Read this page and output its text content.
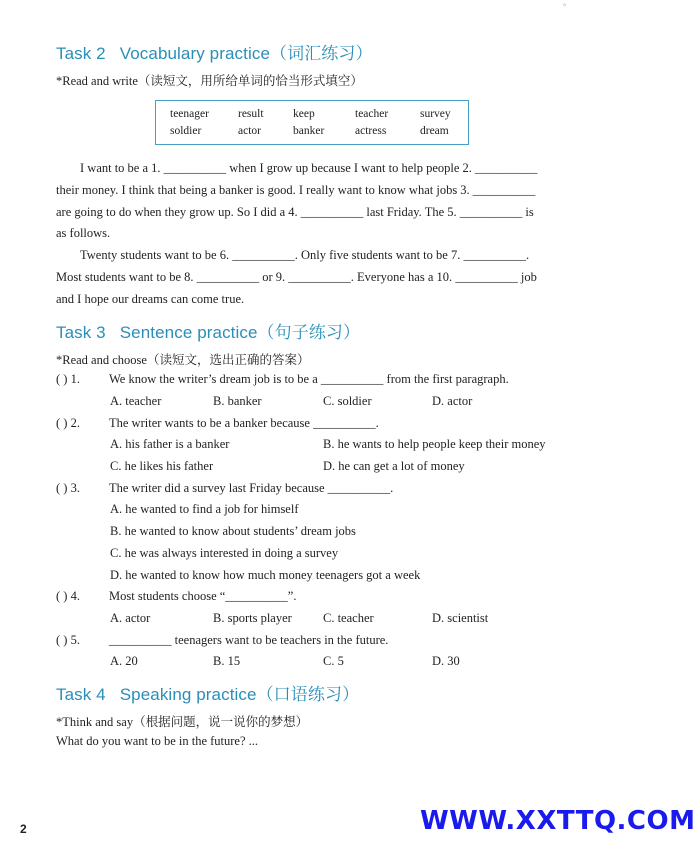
°
Task 2 Vocabulary practice（词汇练习）
*Read and write（读短文，用所给单词的恰当形式填空）
teenager	result	keep	teacher	survey
soldier	actor	banker	actress	dream
I want to be a 1. __________ when I grow up because I want to help people 2. __________
their money. I think that being a banker is good. I really want to know what jobs 3. __________
are going to do when they grow up. So I did a 4. __________ last Friday. The 5. __________ is
as follows.
Twenty students want to be 6. __________. Only five students want to be 7. __________.
Most students want to be 8. __________ or 9. __________. Everyone has a 10. __________ job
and I hope our dreams can come true.
Task 3 Sentence practice（句子练习）
*Read and choose（读短文，选出正确的答案）
( ) 1. We know the writer’s dream job is to be a __________ from the first paragraph.
A. teacher	B. banker	C. soldier	D. actor
( ) 2. The writer wants to be a banker because __________.
A. his father is a banker	B. he wants to help people keep their money
C. he likes his father	D. he can get a lot of money
( ) 3. The writer did a survey last Friday because __________.
A. he wanted to find a job for himself
B. he wanted to know about students’ dream jobs
C. he was always interested in doing a survey
D. he wanted to know how much money teenagers got a week
( ) 4. Most students choose “__________”.
A. actor	B. sports player C. teacher	D. scientist
( ) 5. __________ teenagers want to be teachers in the future.
A. 20	B. 15	C. 5	D. 30
Task 4 Speaking practice（口语练习）
*Think and say（根据问题，说一说你的梦想）
What do you want to be in the future? ...
2	WWW.XXTTQ.COM
